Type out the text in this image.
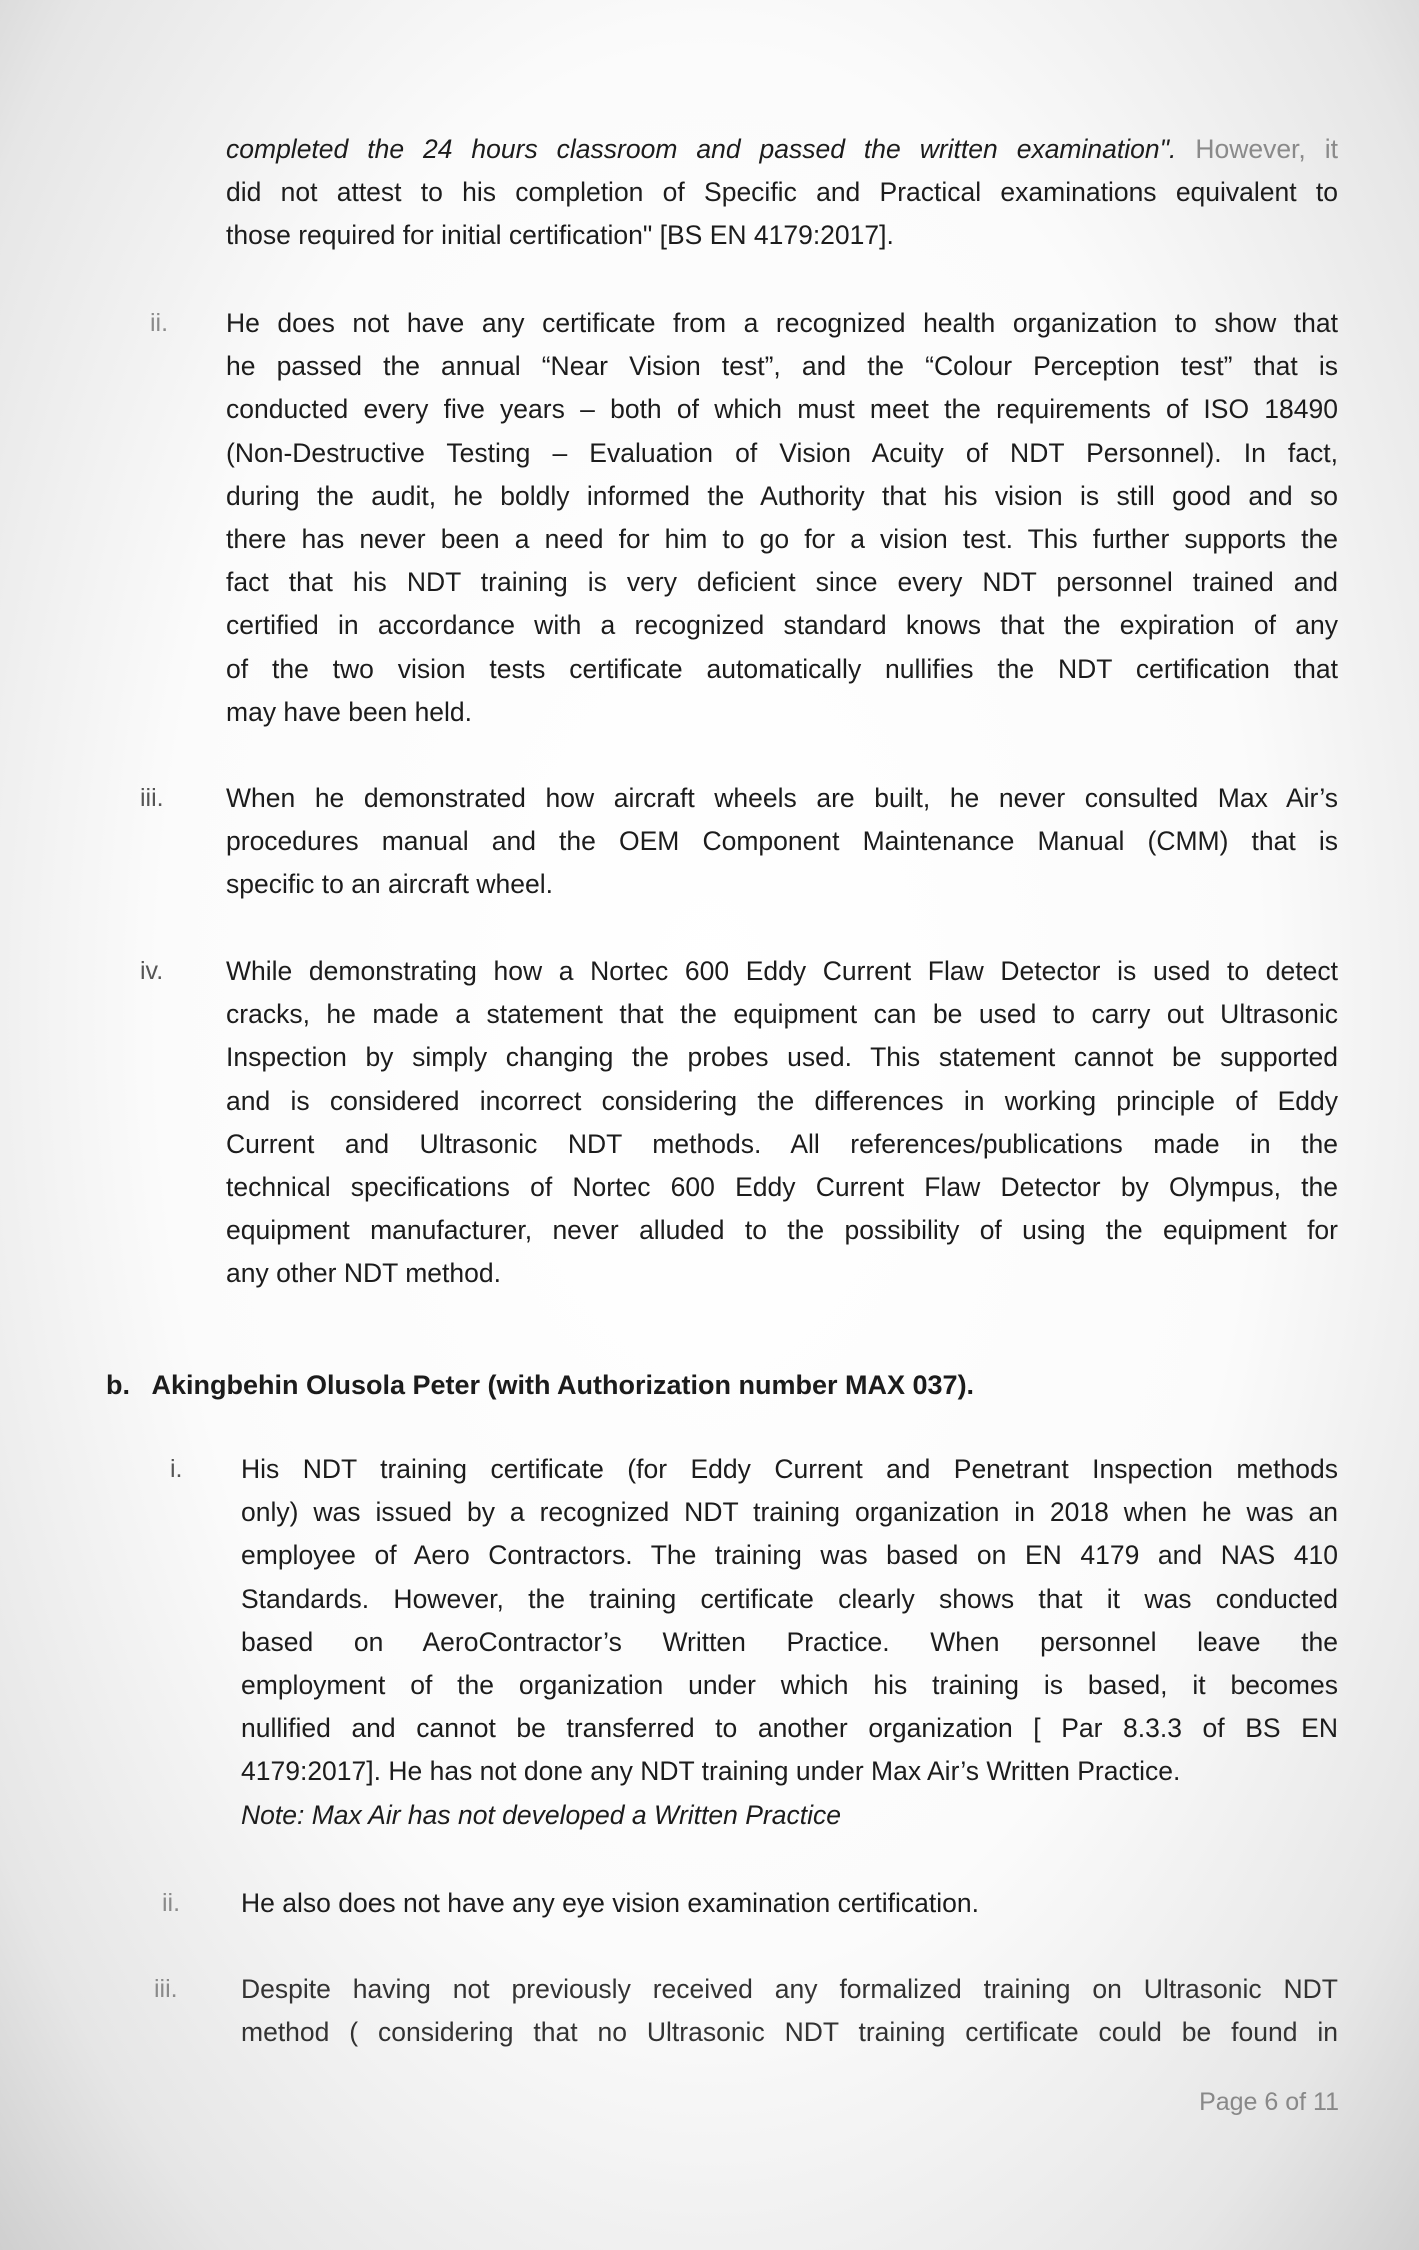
completed the 24 hours classroom and passed the written examination". However, it
did not attest to his completion of Specific and Practical examinations equivalent to
those required for initial certification" [BS EN 4179:2017].
ii. He does not have any certificate from a recognized health organization to show that
he passed the annual “Near Vision test”, and the “Colour Perception test” that is
conducted every five years – both of which must meet the requirements of ISO 18490
(Non-Destructive Testing – Evaluation of Vision Acuity of NDT Personnel). In fact,
during the audit, he boldly informed the Authority that his vision is still good and so
there has never been a need for him to go for a vision test. This further supports the
fact that his NDT training is very deficient since every NDT personnel trained and
certified in accordance with a recognized standard knows that the expiration of any
of the two vision tests certificate automatically nullifies the NDT certification that
may have been held.
iii. When he demonstrated how aircraft wheels are built, he never consulted Max Air’s
procedures manual and the OEM Component Maintenance Manual (CMM) that is
specific to an aircraft wheel.
iv. While demonstrating how a Nortec 600 Eddy Current Flaw Detector is used to detect
cracks, he made a statement that the equipment can be used to carry out Ultrasonic
Inspection by simply changing the probes used. This statement cannot be supported
and is considered incorrect considering the differences in working principle of Eddy
Current and Ultrasonic NDT methods. All references/publications made in the
technical specifications of Nortec 600 Eddy Current Flaw Detector by Olympus, the
equipment manufacturer, never alluded to the possibility of using the equipment for
any other NDT method.
b.   Akingbehin Olusola Peter (with Authorization number MAX 037).
i. His NDT training certificate (for Eddy Current and Penetrant Inspection methods
only) was issued by a recognized NDT training organization in 2018 when he was an
employee of Aero Contractors. The training was based on EN 4179 and NAS 410
Standards. However, the training certificate clearly shows that it was conducted
based on AeroContractor’s Written Practice. When personnel leave the
employment of the organization under which his training is based, it becomes
nullified and cannot be transferred to another organization [ Par 8.3.3 of BS EN
4179:2017]. He has not done any NDT training under Max Air’s Written Practice.
Note: Max Air has not developed a Written Practice
ii. He also does not have any eye vision examination certification.
iii. Despite having not previously received any formalized training on Ultrasonic NDT
method ( considering that no Ultrasonic NDT training certificate could be found in
Page 6 of 11
